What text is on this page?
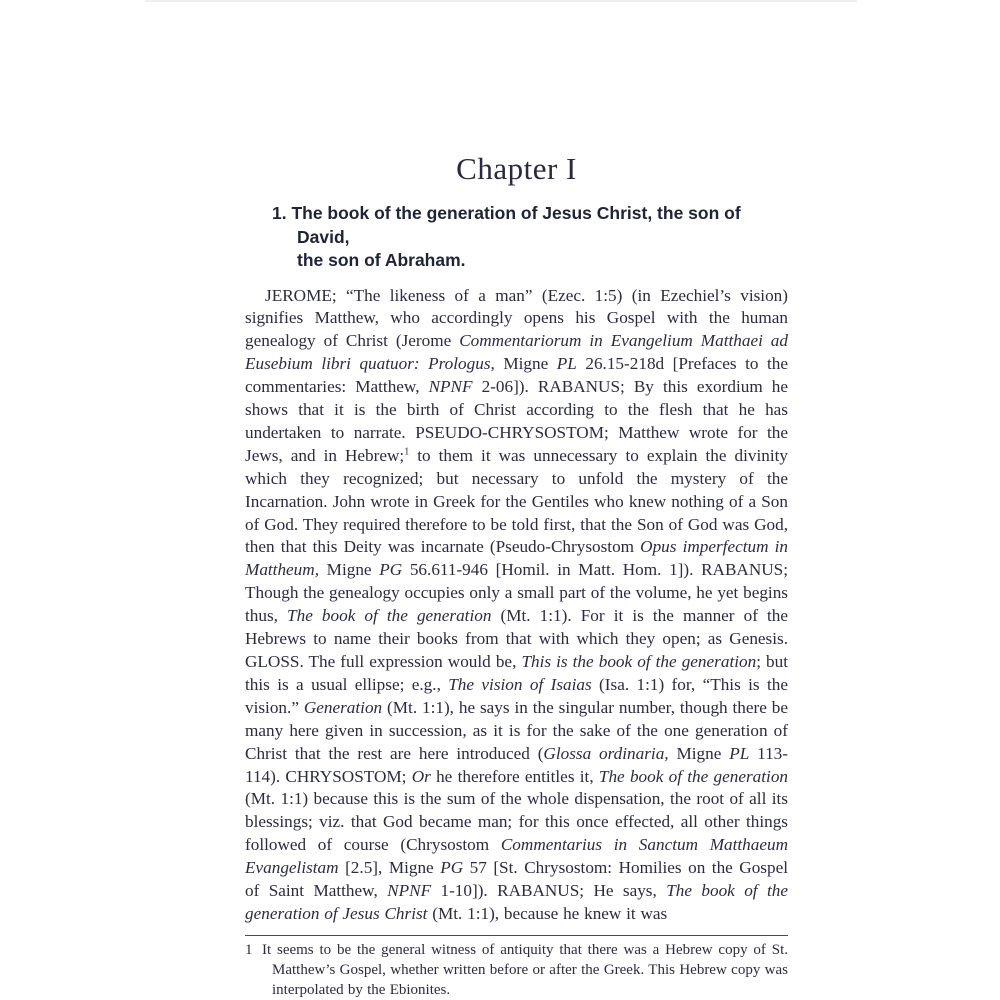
Chapter I
1. The book of the generation of Jesus Christ, the son of David,
the son of Abraham.

JEROME; “The likeness of a man” (Ezec. 1:5) (in Ezechiel’s vision) signifies Matthew, who accordingly opens his Gospel with the human genealogy of Christ (Jerome Commentariorum in Evangelium Matthaei ad Eusebium libri quatuor: Prologus, Migne PL 26.15-218d [Prefaces to the commentaries: Matthew, NPNF 2-06]). RABANUS; By this exordium he shows that it is the birth of Christ according to the flesh that he has undertaken to narrate. PSEUDO-CHRYSOSTOM; Matthew wrote for the Jews, and in Hebrew;$^1$ to them it was unnecessary to explain the divinity which they recognized; but necessary to unfold the mystery of the Incarnation. John wrote in Greek for the Gentiles who knew nothing of a Son of God. They required therefore to be told first, that the Son of God was God, then that this Deity was incarnate (Pseudo-Chrysostom Opus imperfectum in Mattheum, Migne PG 56.611-946 [Homil. in Matt. Hom. 1]). RABANUS; Though the genealogy occupies only a small part of the volume, he yet begins thus, The book of the generation (Mt. 1:1). For it is the manner of the Hebrews to name their books from that with which they open; as Genesis. GLOSS. The full expression would be, This is the book of the generation; but this is a usual ellipse; e.g., The vision of Isaias (Isa. 1:1) for, “This is the vision.” Generation (Mt. 1:1), he says in the singular number, though there be many here given in succession, as it is for the sake of the one generation of Christ that the rest are here introduced (Glossa ordinaria, Migne PL 113-114). CHRYSOSTOM; Or he therefore entitles it, The book of the generation (Mt. 1:1) because this is the sum of the whole dispensation, the root of all its blessings; viz. that God became man; for this once effected, all other things followed of course (Chrysostom Commentarius in Sanctum Matthaeum Evangelistam [2.5], Migne PG 57 [St. Chrysostom: Homilies on the Gospel of Saint Matthew, NPNF 1-10]). RABANUS; He says, The book of the generation of Jesus Christ (Mt. 1:1), because he knew it was

1 It seems to be the general witness of antiquity that there was a Hebrew copy of St. Matthew’s Gospel, whether written before or after the Greek. This Hebrew copy was interpolated by the Ebionites.
